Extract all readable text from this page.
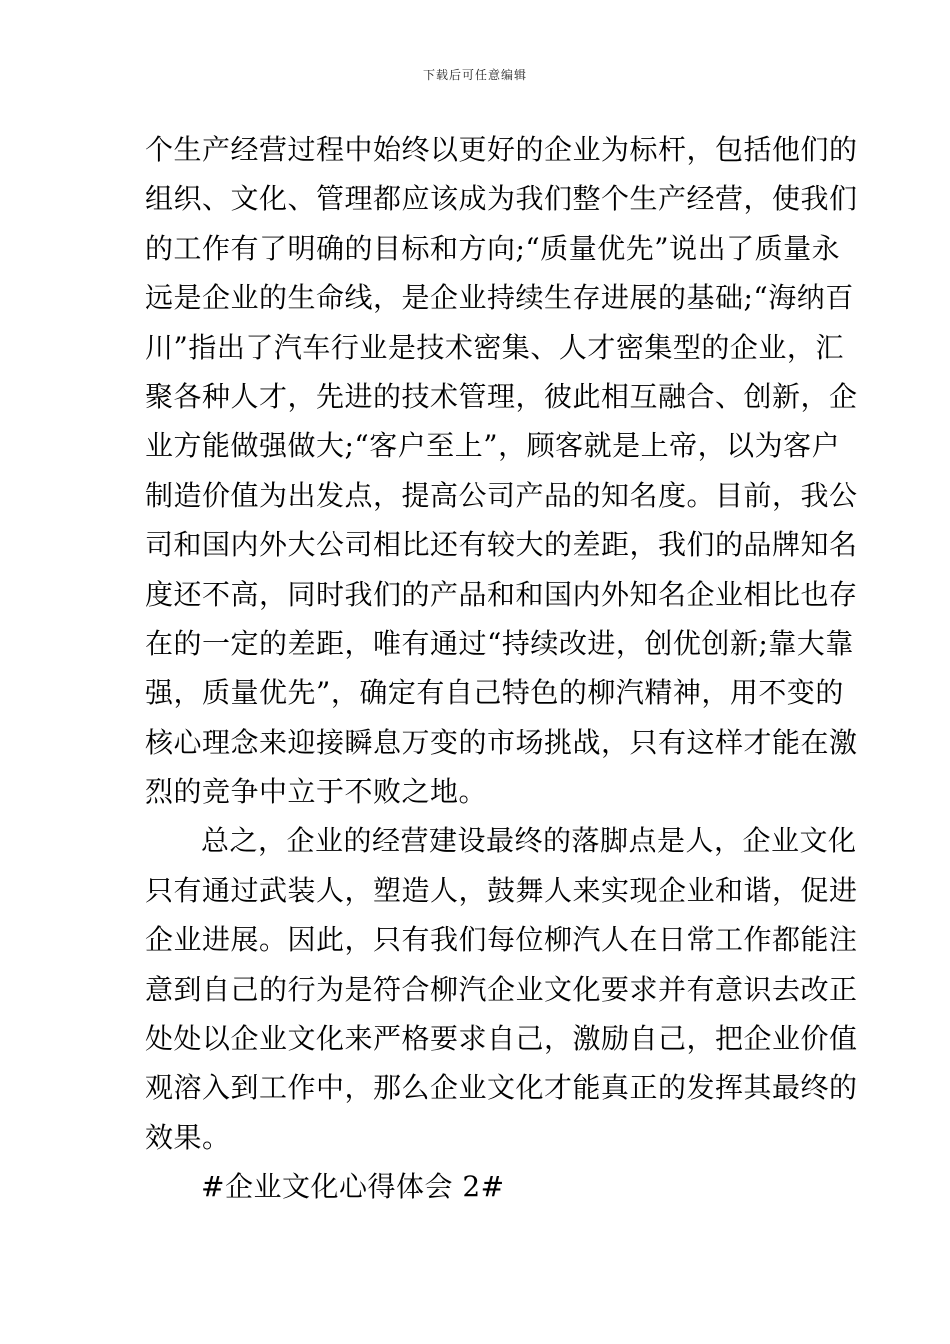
下载后可任意编辑
个生产经营过程中始终以更好的企业为标杆，包括他们的
组织、文化、管理都应该成为我们整个生产经营，使我们
的工作有了明确的目标和方向;“质量优先”说出了质量永
远是企业的生命线，是企业持续生存进展的基础;“海纳百
川”指出了汽车行业是技术密集、人才密集型的企业，汇
聚各种人才，先进的技术管理，彼此相互融合、创新，企
业方能做强做大;“客户至上”，顾客就是上帝，以为客户
制造价值为出发点，提高公司产品的知名度。目前，我公
司和国内外大公司相比还有较大的差距，我们的品牌知名
度还不高，同时我们的产品和和国内外知名企业相比也存
在的一定的差距，唯有通过“持续改进，创优创新;靠大靠
强，质量优先”，确定有自己特色的柳汽精神，用不变的
核心理念来迎接瞬息万变的市场挑战，只有这样才能在激
烈的竞争中立于不败之地。
总之，企业的经营建设最终的落脚点是人，企业文化
只有通过武装人，塑造人，鼓舞人来实现企业和谐，促进
企业进展。因此，只有我们每位柳汽人在日常工作都能注
意到自己的行为是符合柳汽企业文化要求并有意识去改正
处处以企业文化来严格要求自己，激励自己，把企业价值
观溶入到工作中，那么企业文化才能真正的发挥其最终的
效果。
#企业文化心得体会 2#
